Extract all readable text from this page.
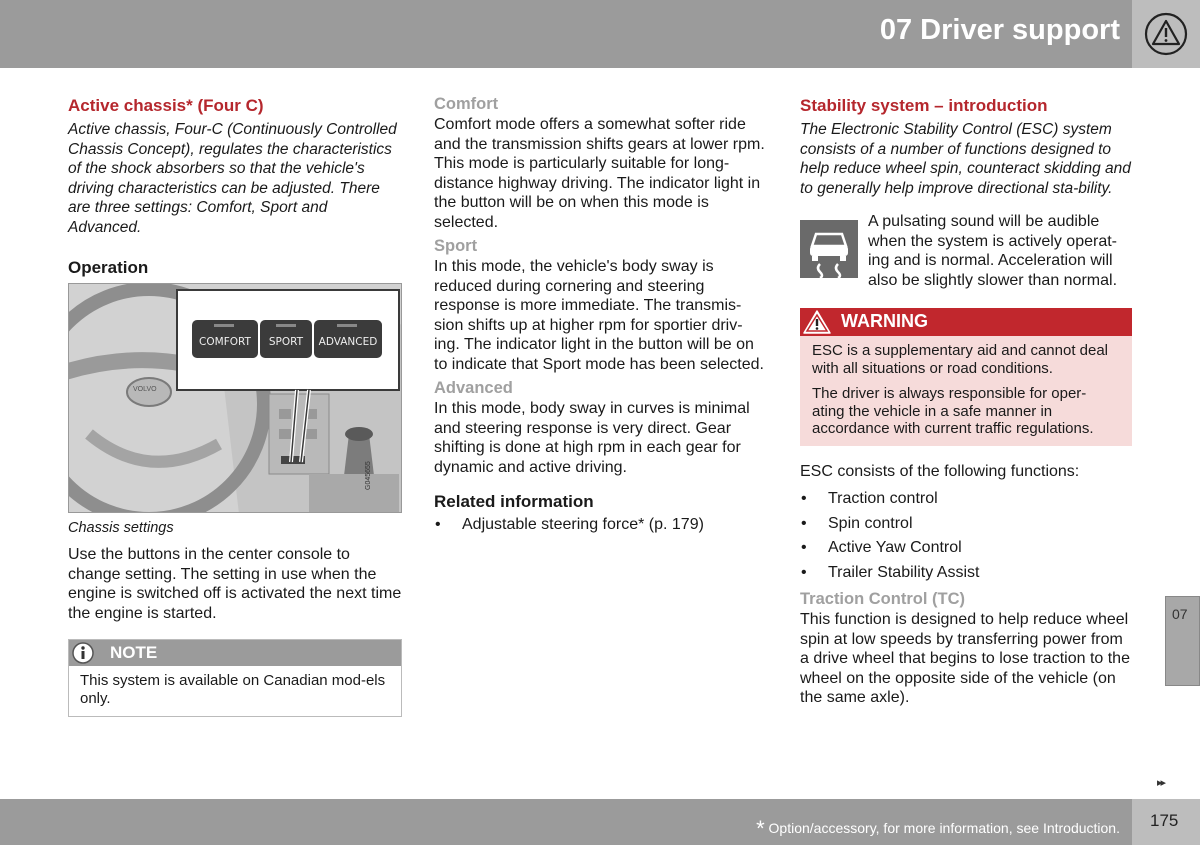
07 Driver support
Active chassis* (Four C)

Active chassis, Four-C (Continuously Controlled Chassis Concept), regulates the characteristics of the shock absorbers so that the vehicle's driving characteristics can be adjusted. There are three settings: Comfort, Sport and Advanced.

Operation
COMFORT	SPORT	ADVANCED
VOLVO
G045655

Chassis settings

Use the buttons in the center console to change setting. The setting in use when the engine is switched off is activated the next time the engine is started.

NOTE
This system is available on Canadian mod-els only.
Comfort

Comfort mode offers a somewhat softer ride and the transmission shifts gears at lower rpm. This mode is particularly suitable for long-distance highway driving. The indicator light in the button will be on when this mode is selected.

Sport

In this mode, the vehicle's body sway is reduced during cornering and steering response is more immediate. The transmis-sion shifts up at higher rpm for sportier driv-ing. The indicator light in the button will be on to indicate that Sport mode has been selected.

Advanced

In this mode, body sway in curves is minimal and steering response is very direct. Gear shifting is done at high rpm in each gear for dynamic and active driving.

Related information
• Adjustable steering force* (p. 179)
Stability system – introduction

The Electronic Stability Control (ESC) system consists of a number of functions designed to help reduce wheel spin, counteract skidding and to generally help improve directional sta-bility.

A pulsating sound will be audible when the system is actively operat-ing and is normal. Acceleration will also be slightly slower than normal.
WARNING

ESC is a supplementary aid and cannot deal with all situations or road conditions.

The driver is always responsible for oper-ating the vehicle in a safe manner in accordance with current traffic regulations.

ESC consists of the following functions:

• Traction control
• Spin control
• Active Yaw Control
• Trailer Stability Assist
Traction Control (TC)

This function is designed to help reduce wheel spin at low speeds by transferring power from a drive wheel that begins to lose traction to the wheel on the opposite side of the vehicle (on the same axle).

07
▸▸
* Option/accessory, for more information, see Introduction. 175
